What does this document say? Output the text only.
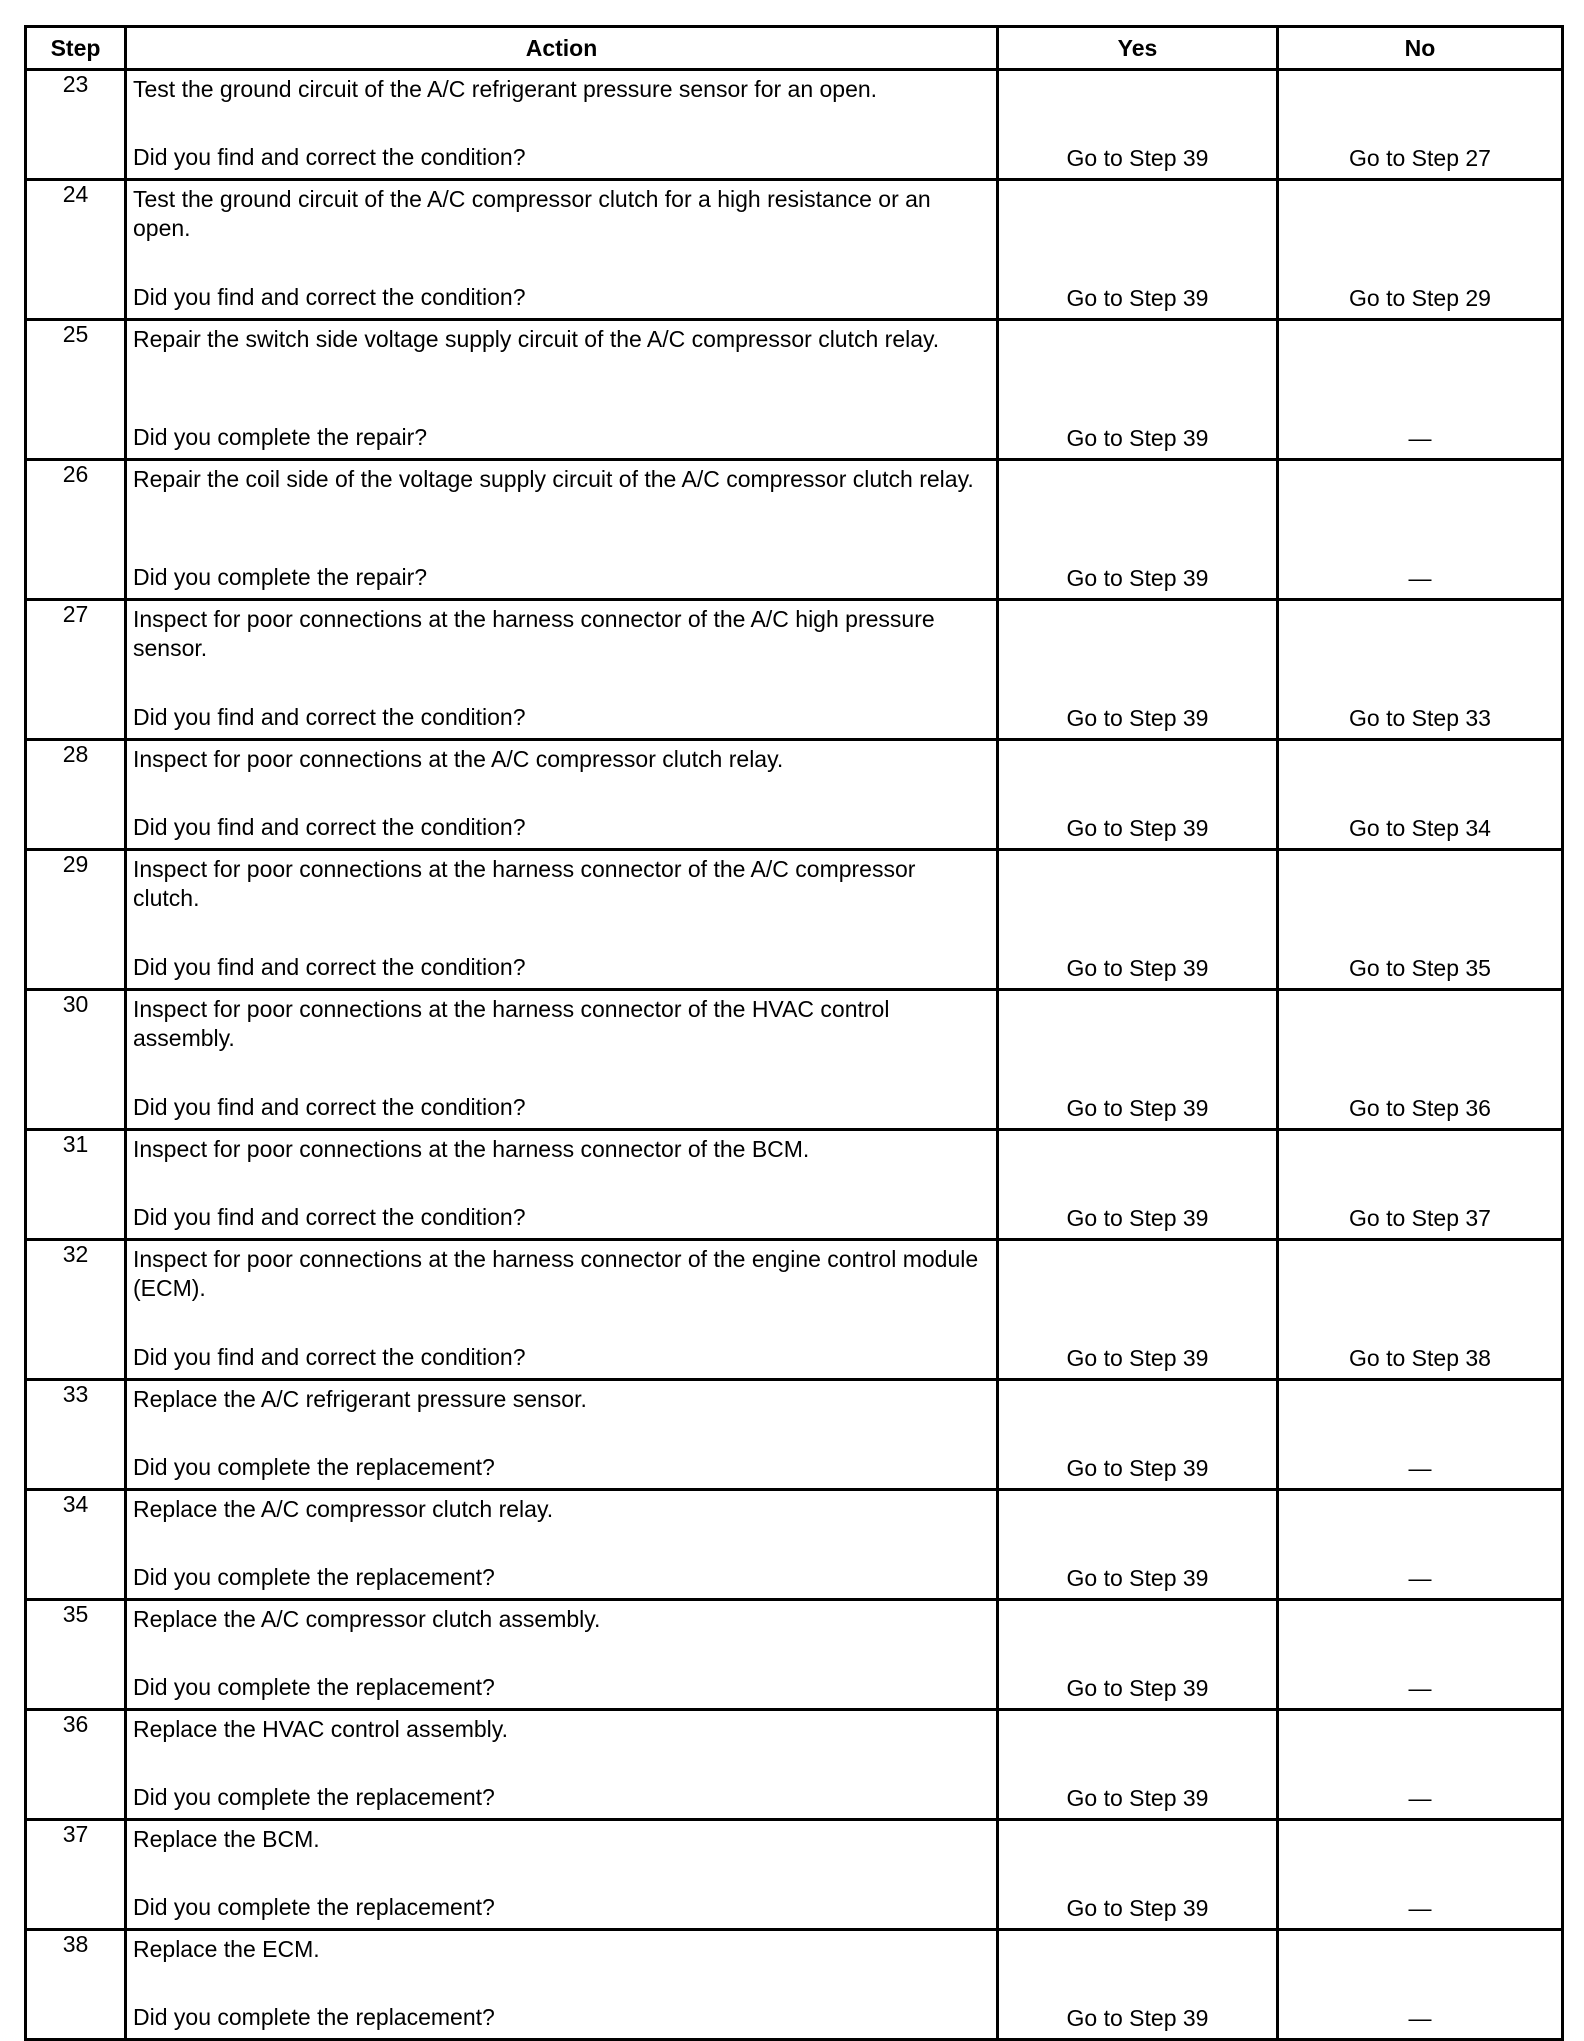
Step	Action	Yes	No
23	Test the ground circuit of the A/C refrigerant pressure sensor for an open.
Did you find and correct the condition?	Go to Step 39	Go to Step 27

24	Test the ground circuit of the A/C compressor clutch for a high resistance or an open.
Did you find and correct the condition?	Go to Step 39	Go to Step 29

25	Repair the switch side voltage supply circuit of the A/C compressor clutch relay.
Did you complete the repair?	Go to Step 39	—

26	Repair the coil side of the voltage supply circuit of the A/C compressor clutch relay.
Did you complete the repair?	Go to Step 39	—

27	Inspect for poor connections at the harness connector of the A/C high pressure sensor.
Did you find and correct the condition?	Go to Step 39	Go to Step 33

28	Inspect for poor connections at the A/C compressor clutch relay.
Did you find and correct the condition?	Go to Step 39	Go to Step 34

29	Inspect for poor connections at the harness connector of the A/C compressor clutch.
Did you find and correct the condition?	Go to Step 39	Go to Step 35

30	Inspect for poor connections at the harness connector of the HVAC control assembly.
Did you find and correct the condition?	Go to Step 39	Go to Step 36

31	Inspect for poor connections at the harness connector of the BCM.
Did you find and correct the condition?	Go to Step 39	Go to Step 37

32	Inspect for poor connections at the harness connector of the engine control module (ECM).
Did you find and correct the condition?	Go to Step 39	Go to Step 38

33	Replace the A/C refrigerant pressure sensor.
Did you complete the replacement?	Go to Step 39	—

34	Replace the A/C compressor clutch relay.
Did you complete the replacement?	Go to Step 39	—

35	Replace the A/C compressor clutch assembly.
Did you complete the replacement?	Go to Step 39	—

36	Replace the HVAC control assembly.
Did you complete the replacement?	Go to Step 39	—

37	Replace the BCM.
Did you complete the replacement?	Go to Step 39	—

38	Replace the ECM.
Did you complete the replacement?	Go to Step 39	—
